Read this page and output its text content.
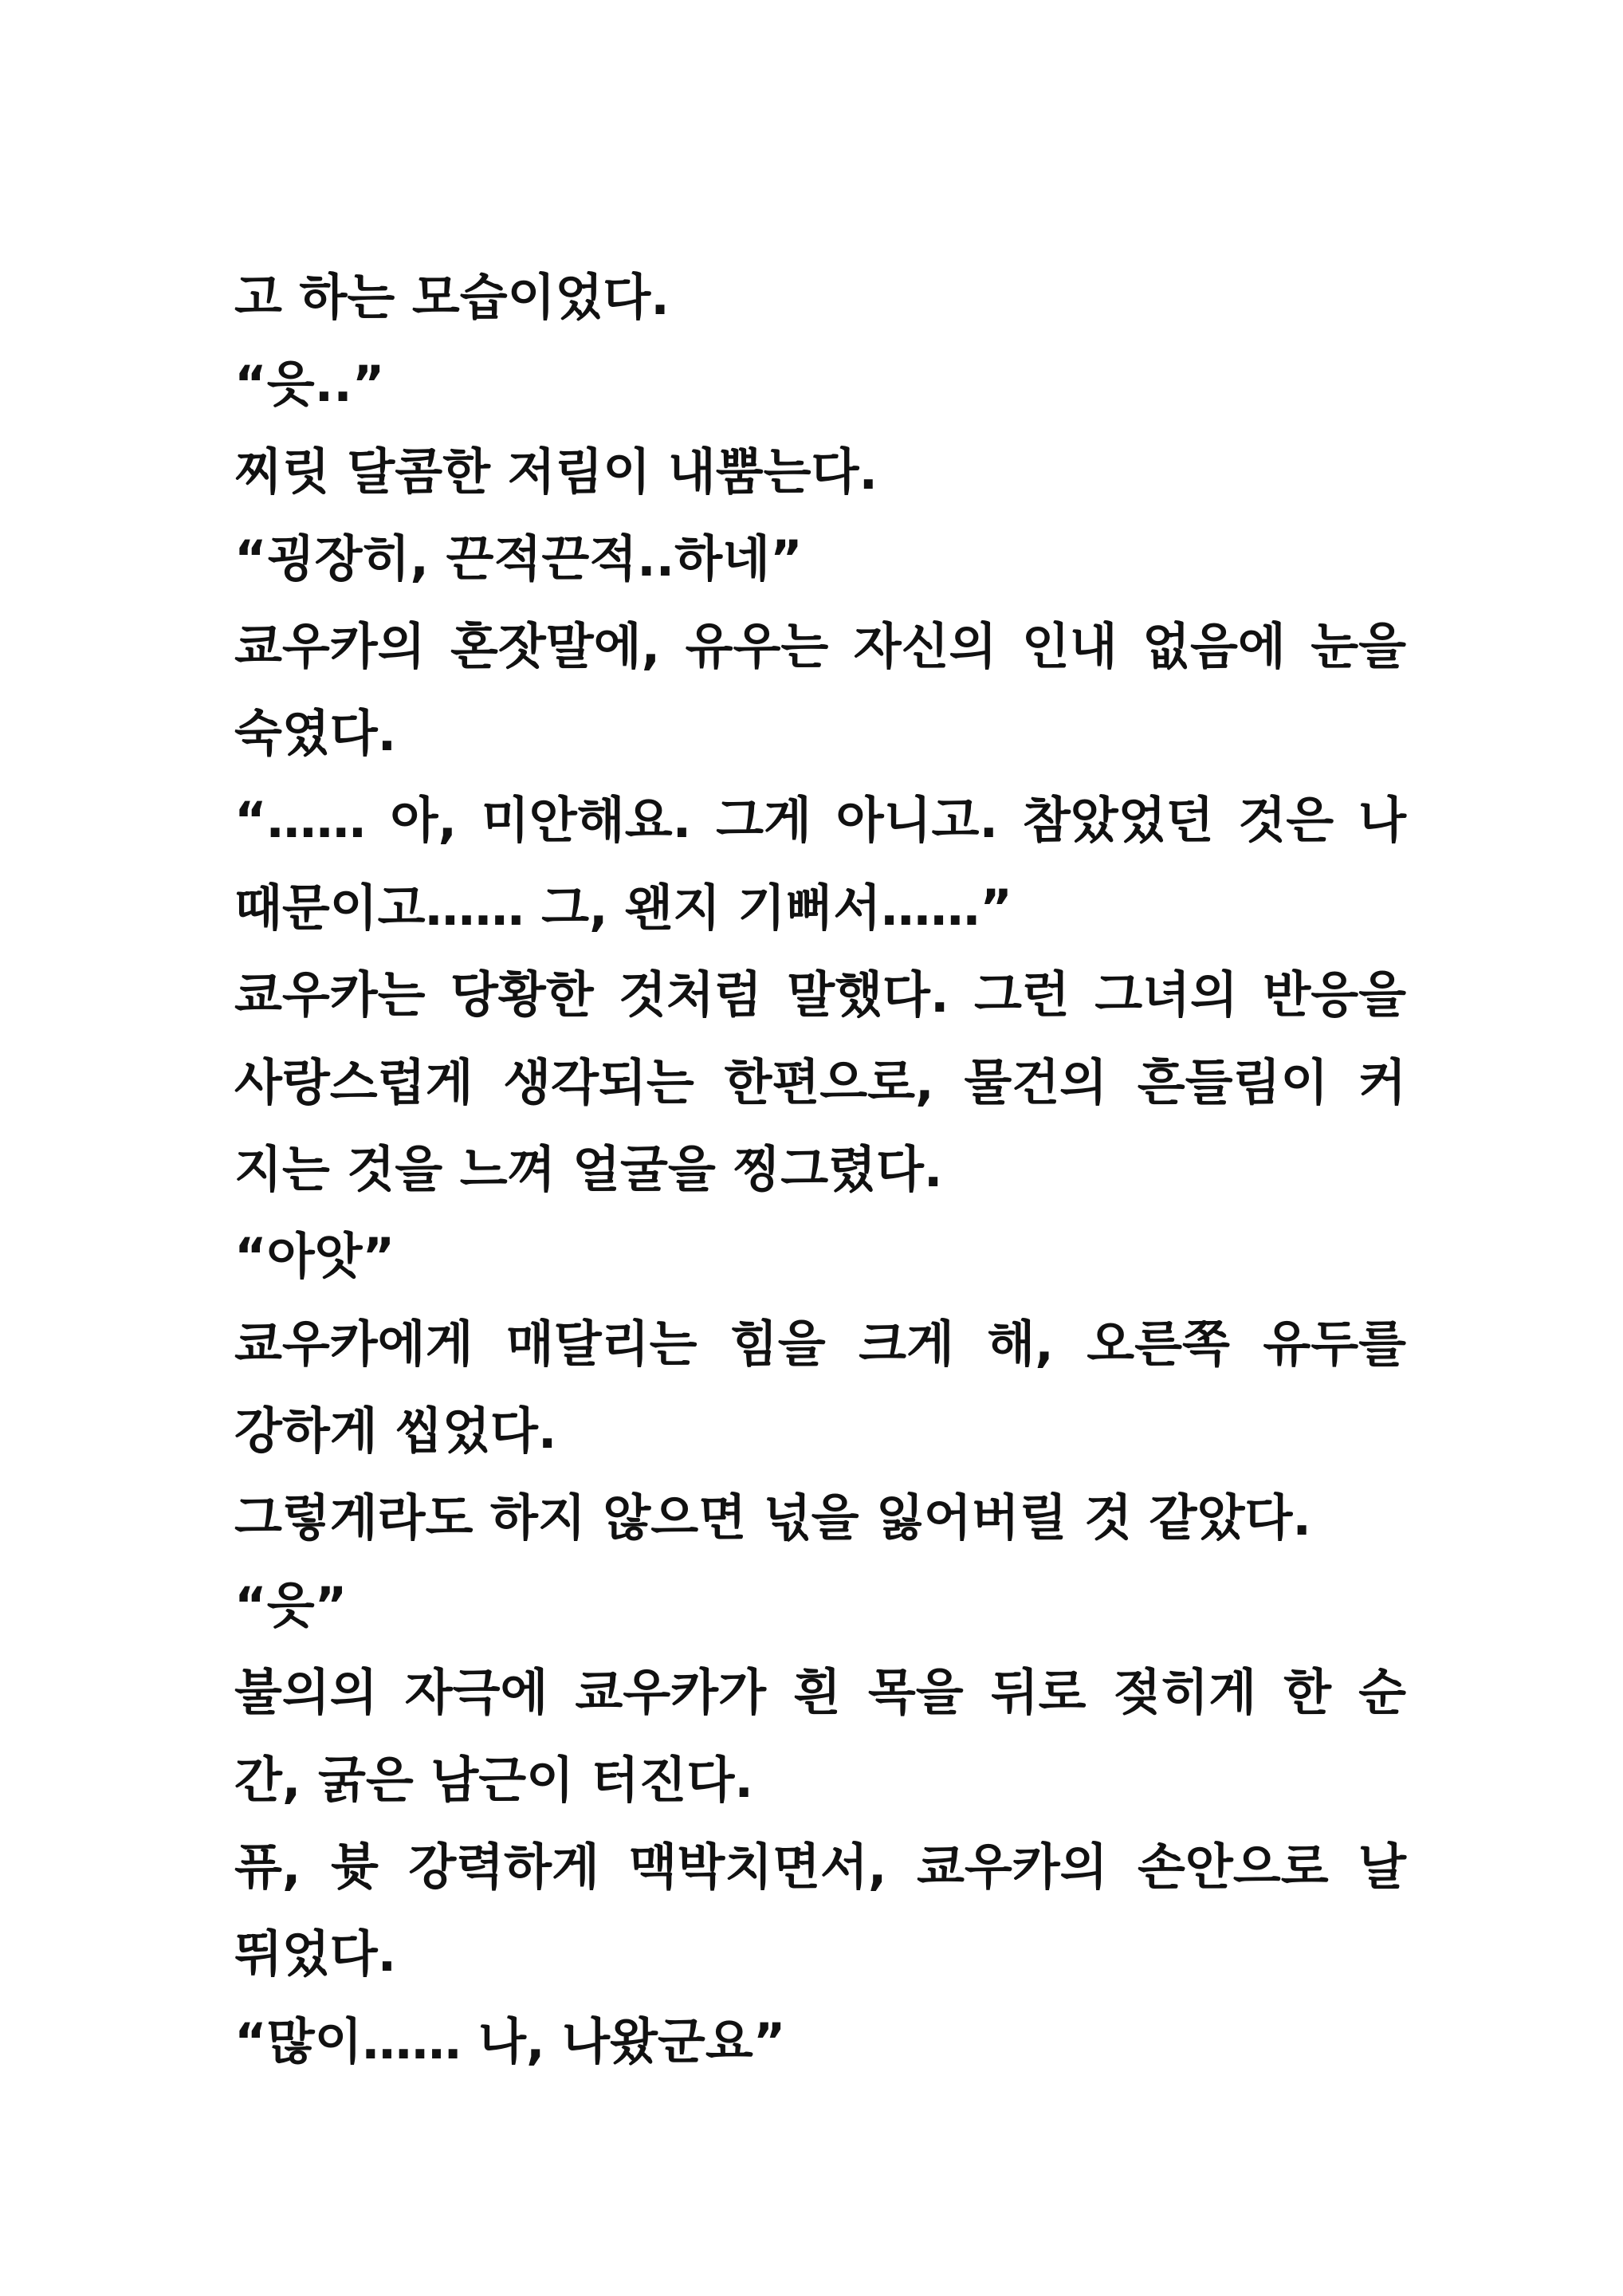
고 하는 모습이었다.
“읏..”
찌릿 달콤한 저림이 내뿜는다.
“굉장히, 끈적끈적..하네”
쿄우카의 혼잣말에, 유우는 자신의 인내 없음에 눈을
숙였다.
“…… 아, 미안해요. 그게 아니고. 참았었던 것은 나
때문이고…… 그, 왠지 기뻐서……”
쿄우카는 당황한 것처럼 말했다. 그런 그녀의 반응을
사랑스럽게 생각되는 한편으로, 물건의 흔들림이 커
지는 것을 느껴 얼굴을 찡그렸다.
“아앗”
쿄우카에게 매달리는 힘을 크게 해, 오른쪽 유두를
강하게 씹었다.
그렇게라도 하지 않으면 넋을 잃어버릴 것 같았다.
“읏”
불의의 자극에 쿄우카가 흰 목을 뒤로 젖히게 한 순
간, 굵은 남근이 터진다.
퓨, 븃 강력하게 맥박치면서, 쿄우카의 손안으로 날
뛰었다.
“많이…… 나, 나왔군요”
